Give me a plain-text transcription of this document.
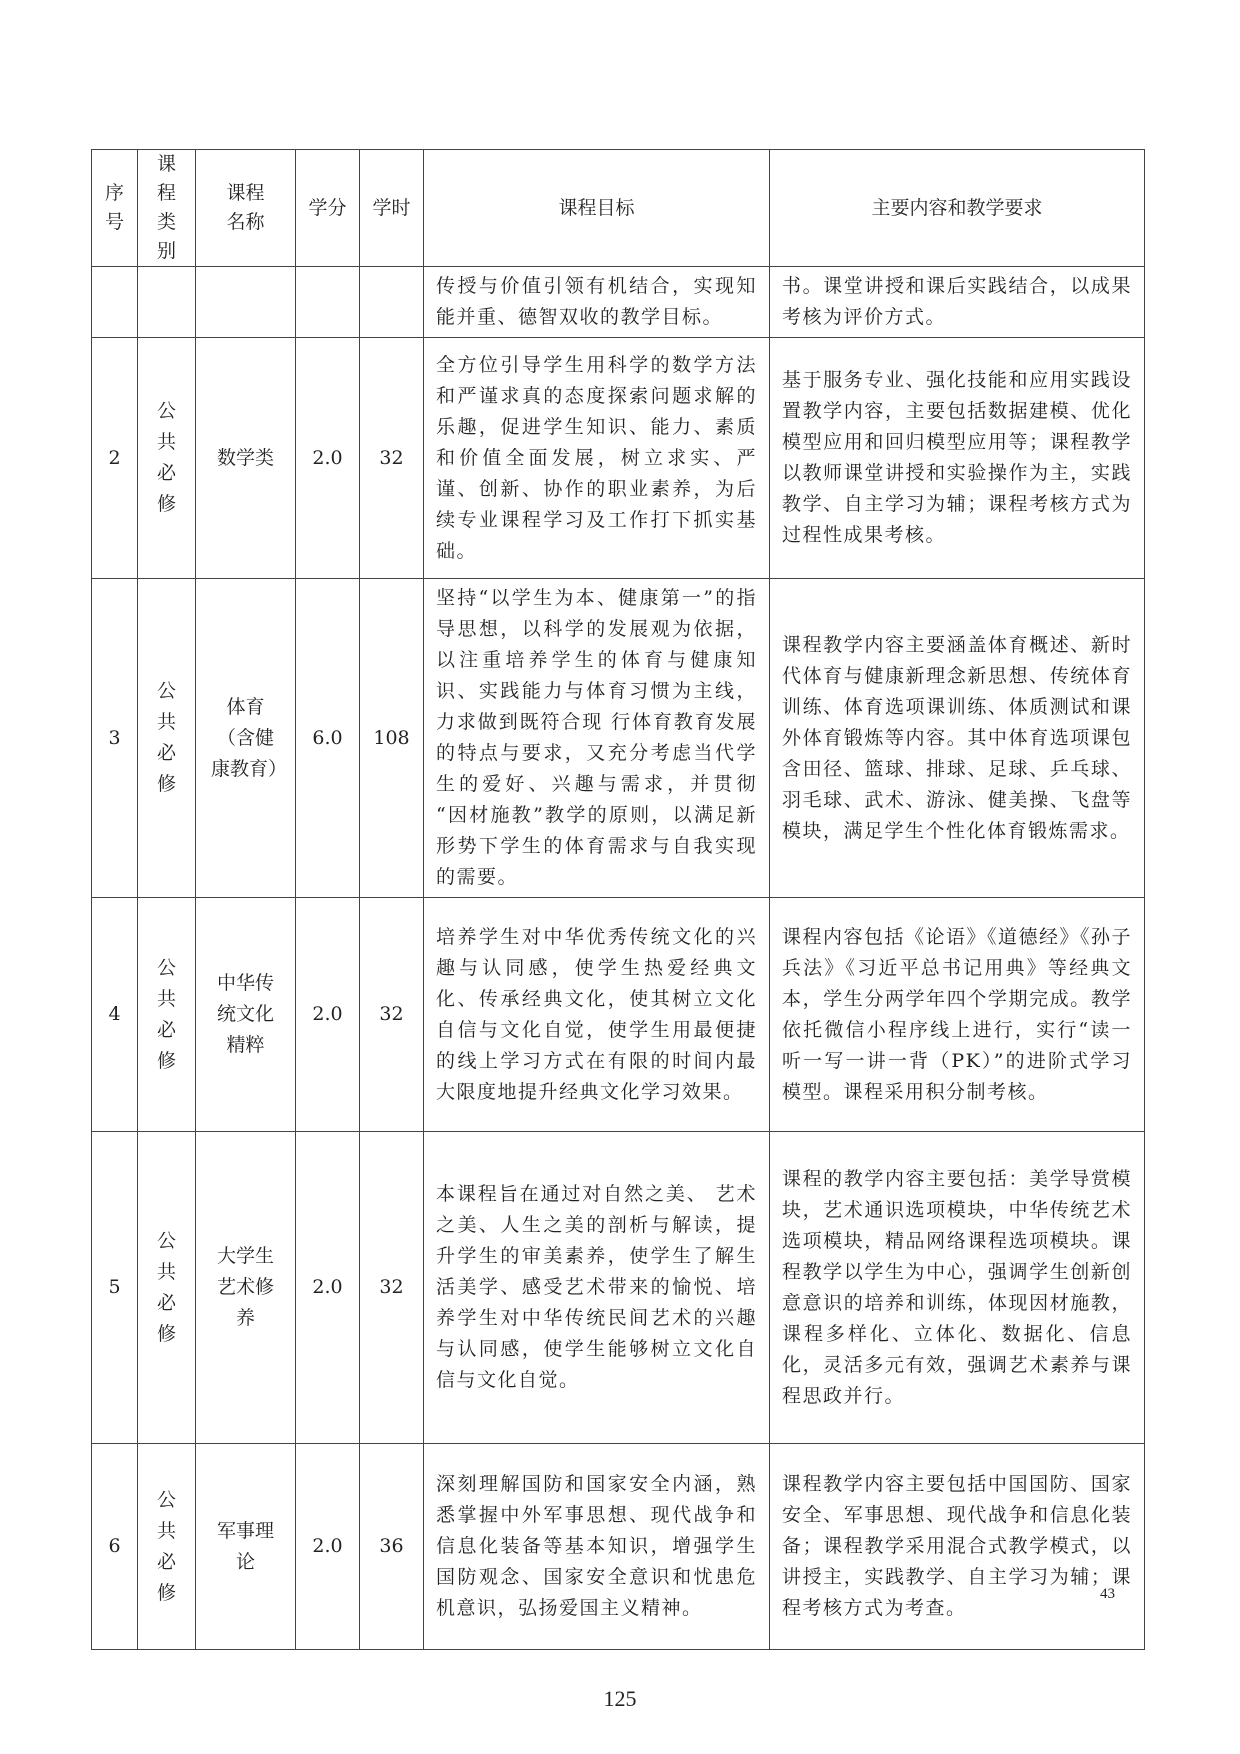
序号	课程类别	课程名称	学分	学时	课程目标	主要内容和教学要求
					传授与价值引领有机结合，实现知能并重、德智双收的教学目标。	书。课堂讲授和课后实践结合，以成果考核为评价方式。
2	公共必修	数学类	2.0	32	全方位引导学生用科学的数学方法和严谨求真的态度探索问题求解的乐趣，促进学生知识、能力、素质和价值全面发展，树立求实、严谨、创新、协作的职业素养，为后续专业课程学习及工作打下抓实基础。	基于服务专业、强化技能和应用实践设置教学内容，主要包括数据建模、优化模型应用和回归模型应用等；课程教学以教师课堂讲授和实验操作为主，实践教学、自主学习为辅；课程考核方式为过程性成果考核。
3	公共必修	体育（含健康教育）	6.0	108	坚持“以学生为本、健康第一”的指导思想，以科学的发展观为依据，以注重培养学生的体育与健康知识、实践能力与体育习惯为主线，力求做到既符合现 行体育教育发展的特点与要求，又充分考虑当代学生的爱好、兴趣与需求，并贯彻 “因材施教”教学的原则，以满足新形势下学生的体育需求与自我实现的需要。	课程教学内容主要涵盖体育概述、新时代体育与健康新理念新思想、传统体育训练、体育选项课训练、体质测试和课外体育锻炼等内容。其中体育选项课包含田径、篮球、排球、足球、乒乓球、羽毛球、武术、游泳、健美操、飞盘等模块，满足学生个性化体育锻炼需求。
4	公共必修	中华传统文化精粹	2.0	32	培养学生对中华优秀传统文化的兴趣与认同感，使学生热爱经典文化、传承经典文化，使其树立文化自信与文化自觉，使学生用最便捷的线上学习方式在有限的时间内最大限度地提升经典文化学习效果。	课程内容包括《论语》《道德经》《孙子兵法》《习近平总书记用典》等经典文本，学生分两学年四个学期完成。教学依托微信小程序线上进行，实行“读一听一写一讲一背（PK）”的进阶式学习模型。课程采用积分制考核。
5	公共必修	大学生艺术修养	2.0	32	本课程旨在通过对自然之美、 艺术之美、人生之美的剖析与解读，提升学生的审美素养，使学生了解生活美学、感受艺术带来的愉悦、培养学生对中华传统民间艺术的兴趣与认同感，使学生能够树立文化自信与文化自觉。	课程的教学内容主要包括：美学导赏模块，艺术通识选项模块，中华传统艺术选项模块，精品网络课程选项模块。课程教学以学生为中心，强调学生创新创意意识的培养和训练，体现因材施教，课程多样化、立体化、数据化、信息化，灵活多元有效，强调艺术素养与课程思政并行。
6	公共必修	军事理论	2.0	36	深刻理解国防和国家安全内涵，熟悉掌握中外军事思想、现代战争和信息化装备等基本知识，增强学生国防观念、国家安全意识和忧患危机意识，弘扬爱国主义精神。	课程教学内容主要包括中国国防、国家安全、军事思想、现代战争和信息化装备；课程教学采用混合式教学模式，以讲授主，实践教学、自主学习为辅；课程考核方式为考查。
43
125
